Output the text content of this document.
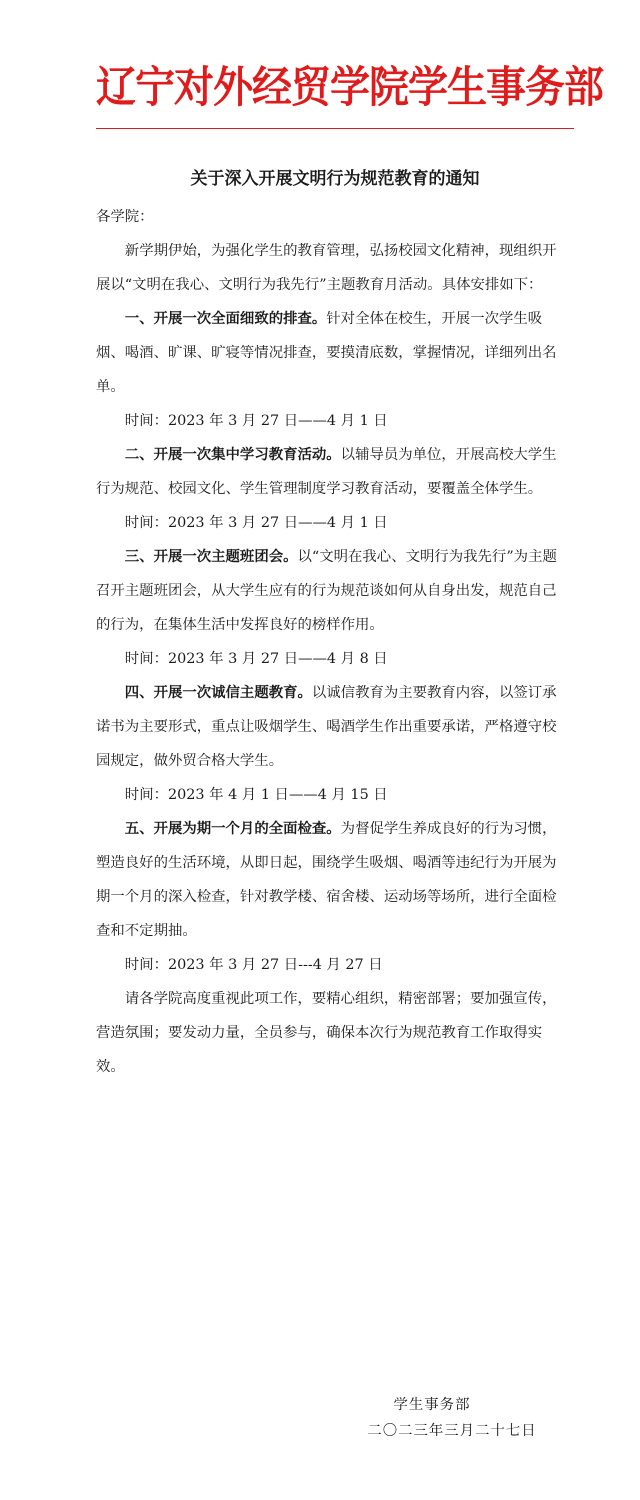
辽宁对外经贸学院学生事务部
关于深入开展文明行为规范教育的通知

各学院：

新学期伊始，为强化学生的教育管理，弘扬校园文化精神，现组织开展以“文明在我心、文明行为我先行”主题教育月活动。具体安排如下：

一、开展一次全面细致的排查。针对全体在校生，开展一次学生吸烟、喝酒、旷课、旷寝等情况排查，要摸清底数，掌握情况，详细列出名单。

时间：2023 年 3 月 27 日——4 月 1 日

二、开展一次集中学习教育活动。以辅导员为单位，开展高校大学生行为规范、校园文化、学生管理制度学习教育活动，要覆盖全体学生。

时间：2023 年 3 月 27 日——4 月 1 日

三、开展一次主题班团会。以“文明在我心、文明行为我先行”为主题召开主题班团会，从大学生应有的行为规范谈如何从自身出发，规范自己的行为，在集体生活中发挥良好的榜样作用。

时间：2023 年 3 月 27 日——4 月 8 日

四、开展一次诚信主题教育。以诚信教育为主要教育内容，以签订承诺书为主要形式，重点让吸烟学生、喝酒学生作出重要承诺，严格遵守校园规定，做外贸合格大学生。

时间：2023 年 4 月 1 日——4 月 15 日

五、开展为期一个月的全面检查。为督促学生养成良好的行为习惯，塑造良好的生活环境，从即日起，围绕学生吸烟、喝酒等违纪行为开展为期一个月的深入检查，针对教学楼、宿舍楼、运动场等场所，进行全面检查和不定期抽。

时间：2023 年 3 月 27 日---4 月 27 日

请各学院高度重视此项工作，要精心组织，精密部署；要加强宣传，营造氛围；要发动力量，全员参与，确保本次行为规范教育工作取得实效。

学生事务部
二〇二三年三月二十七日
